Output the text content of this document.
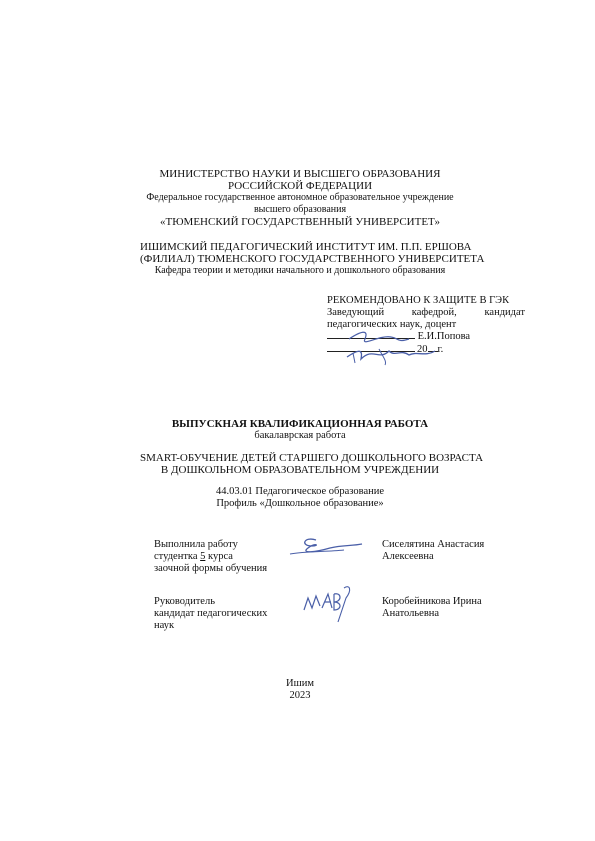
МИНИСТЕРСТВО НАУКИ И ВЫСШЕГО ОБРАЗОВАНИЯ
РОССИЙСКОЙ ФЕДЕРАЦИИ
Федеральное государственное автономное образовательное учреждение
высшего образования
«ТЮМЕНСКИЙ ГОСУДАРСТВЕННЫЙ УНИВЕРСИТЕТ»
ИШИМСКИЙ ПЕДАГОГИЧЕСКИЙ ИНСТИТУТ ИМ. П.П. ЕРШОВА
(ФИЛИАЛ) ТЮМЕНСКОГО ГОСУДАРСТВЕННОГО УНИВЕРСИТЕТА
Кафедра теории и методики начального и дошкольного образования
РЕКОМЕНДОВАНО К ЗАЩИТЕ В ГЭК
Заведующий кафедрой, кандидат
педагогических наук, доцент
Е.И.Попова
20 г.
ВЫПУСКНАЯ КВАЛИФИКАЦИОННАЯ РАБОТА
бакалаврская работа
SMART-ОБУЧЕНИЕ ДЕТЕЙ СТАРШЕГО ДОШКОЛЬНОГО ВОЗРАСТА
В ДОШКОЛЬНОМ ОБРАЗОВАТЕЛЬНОМ УЧРЕЖДЕНИИ
44.03.01 Педагогическое образование
Профиль «Дошкольное образование»
Выполнила работу
студентка 5 курса
заочной формы обучения
Сиселятина Анастасия
Алексеевна
Руководитель
кандидат педагогических
наук
Коробейникова Ирина
Анатольевна
Ишим
2023
